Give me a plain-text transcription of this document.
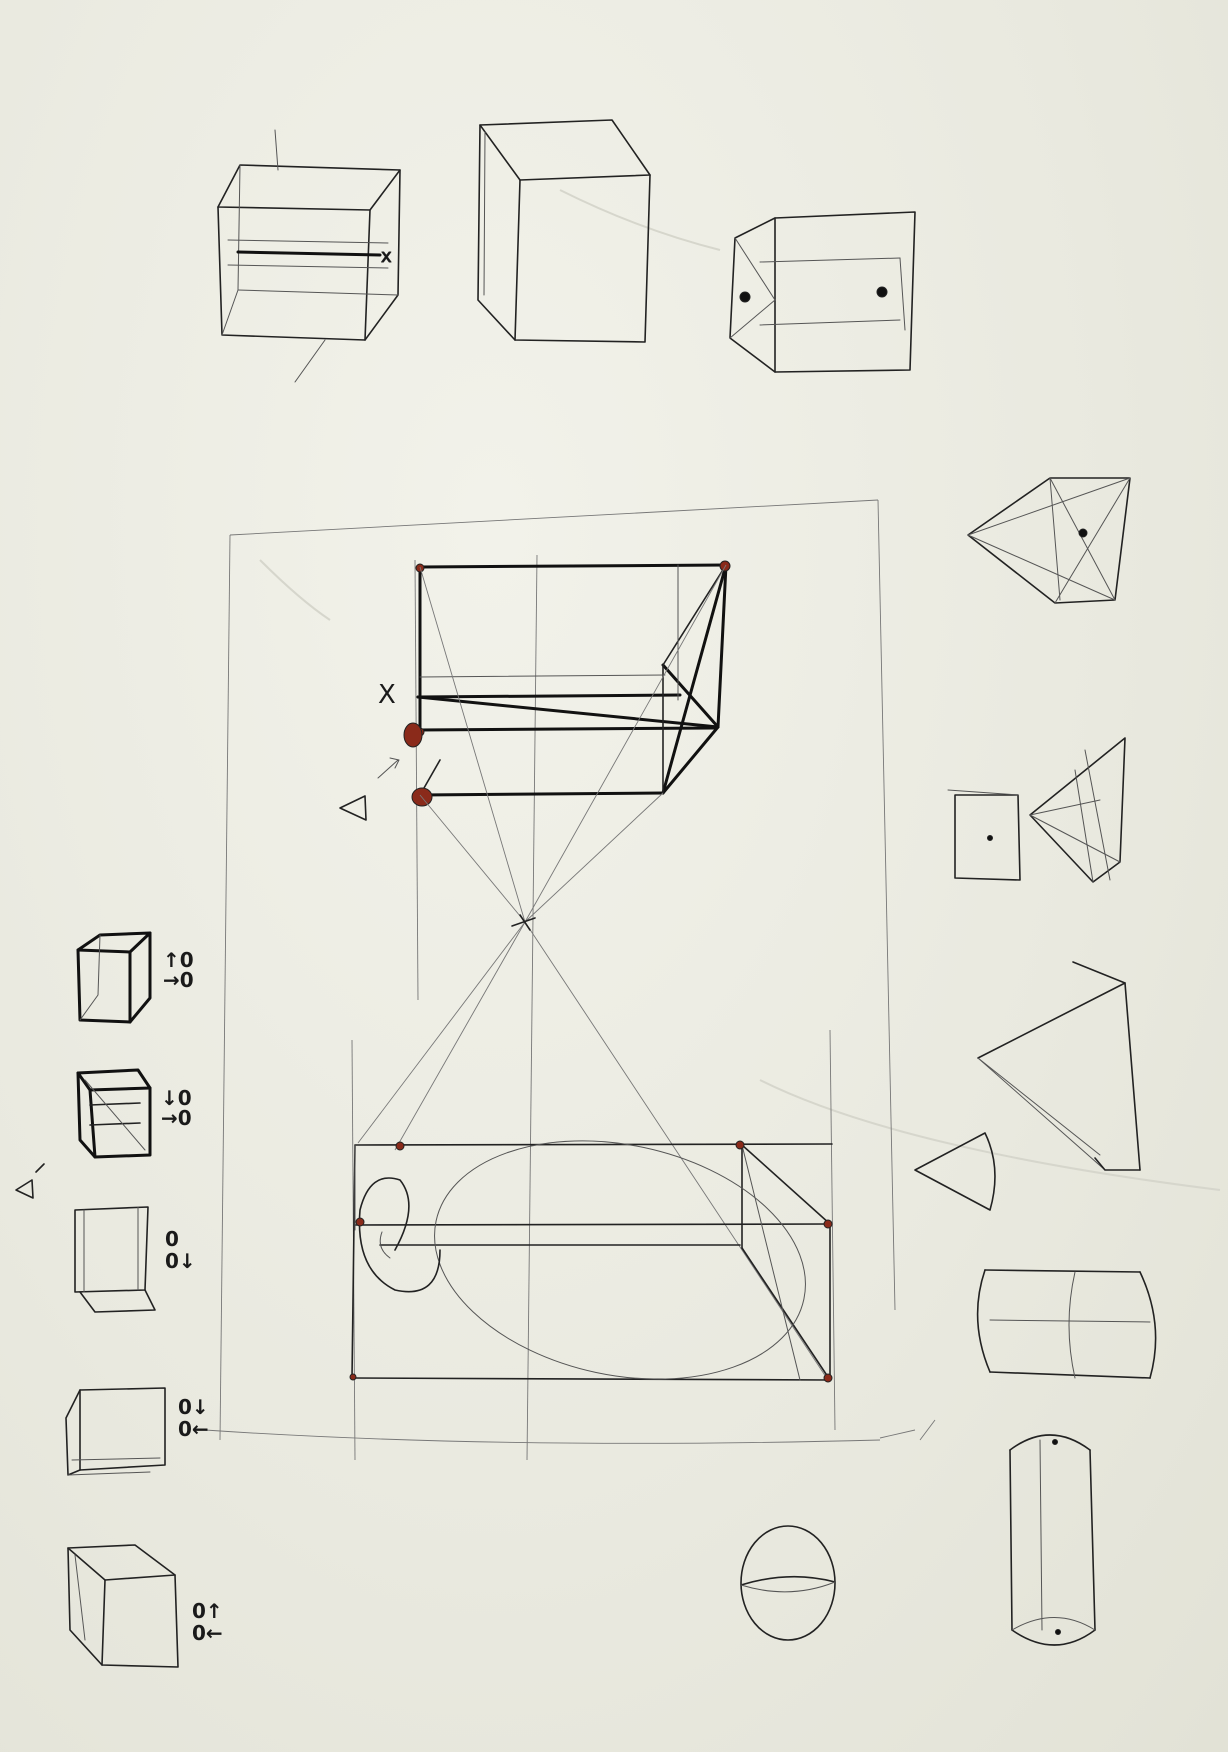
x
X
↑0
→0
↓0
→0
0
0↓
0↓
0←
0↑
0←
